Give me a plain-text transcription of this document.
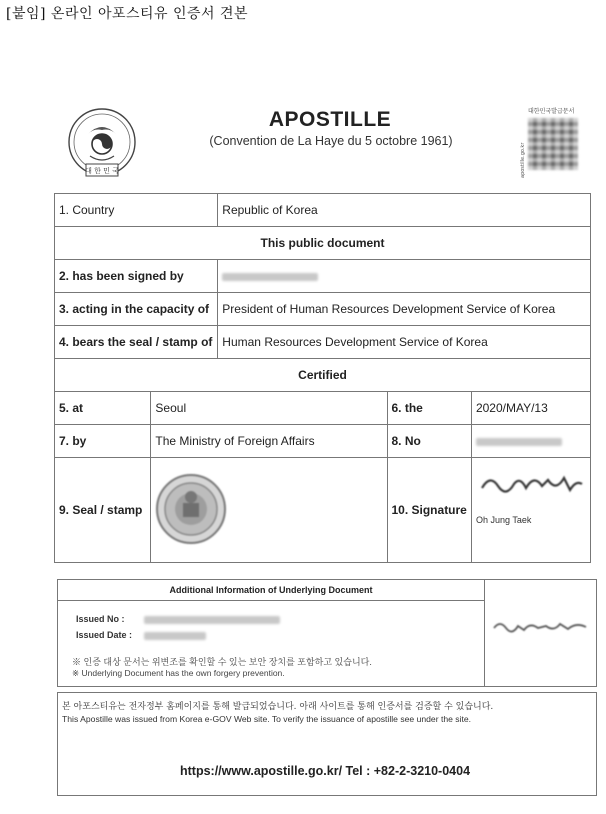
[붙임] 온라인 아포스티유 인증서 견본
대 한 민 국
APOSTILLE
(Convention de La Haye du 5 octobre 1961)
대한민국발급문서
apostille.go.kr
1. Country		Republic of Korea		
This public document				
2. has been signed by				
3. acting in the capacity of		President of Human Resources Development Service of Korea		
4. bears the seal / stamp of		Human Resources Development Service of Korea		
Certified				
5. at	Seoul		6. the	2020/MAY/13
7. by	The Ministry of Foreign Affairs		8. No	
9. Seal / stamp			10. Signature	Oh Jung Taek
Additional Information of Underlying Document
Issued No :
Issued Date :
※ 인증 대상 문서는 위변조를 확인할 수 있는 보안 장치를 포함하고 있습니다.
※ Underlying Document has the own forgery prevention.
본 아포스티유는 전자정부 홈페이지를 통해 발급되었습니다. 아래 사이트를 통해 인증서를 검증할 수 있습니다.
This Apostille was issued from Korea e-GOV Web site. To verify the issuance of apostille see under the site.
https://www.apostille.go.kr/ Tel : +82-2-3210-0404
